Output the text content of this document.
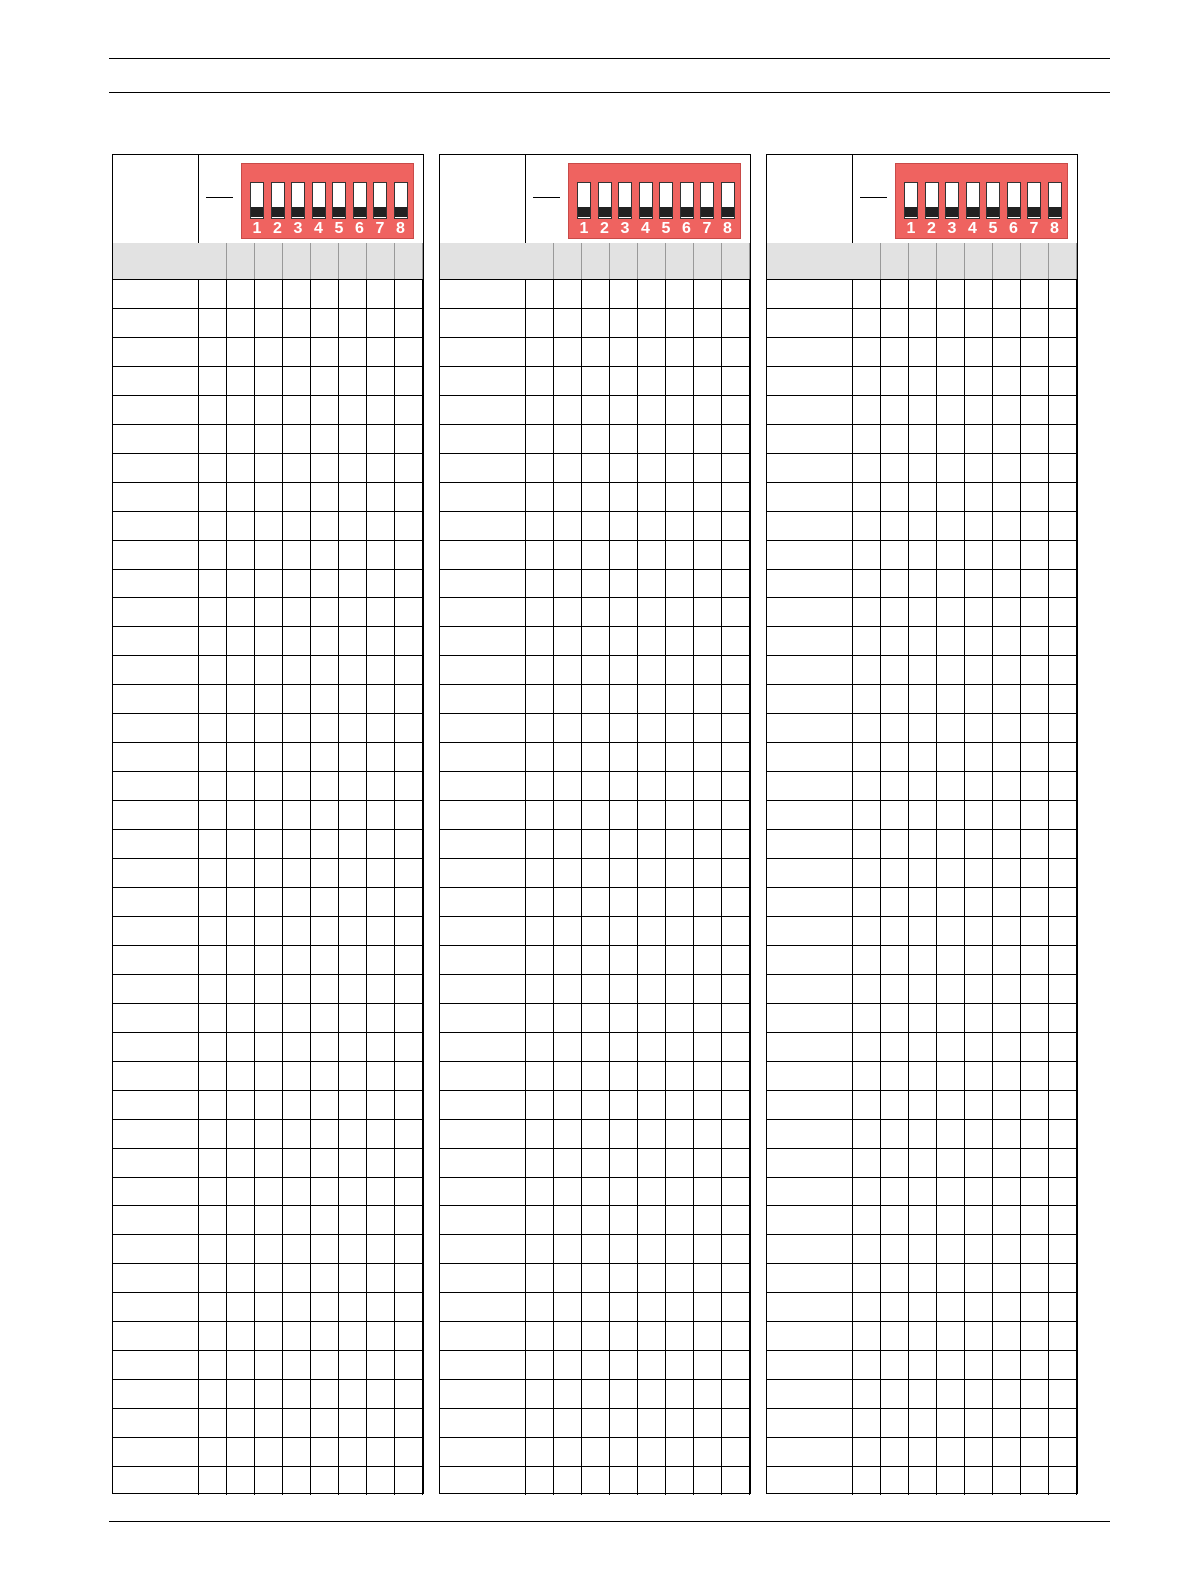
1 2 3 4 5 6 7 8	1 2 3 4 5 6 7 8	1 2 3 4 5 6 7 8
